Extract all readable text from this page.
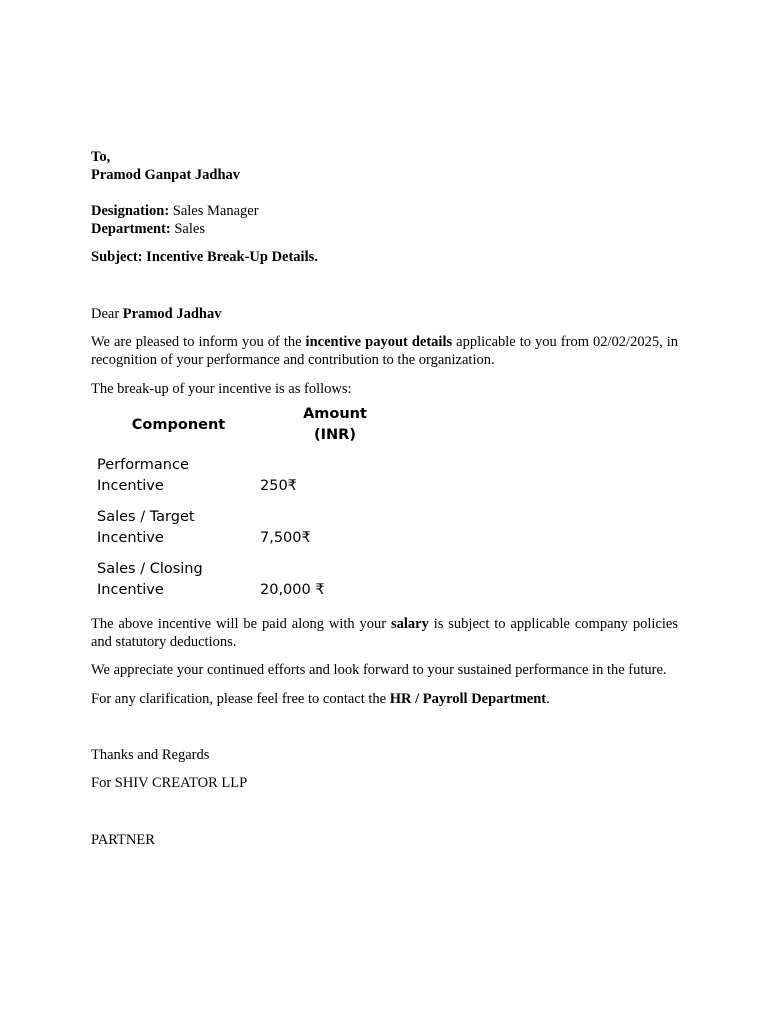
To,

Pramod Ganpat Jadhav

Designation: Sales Manager

Department: Sales

Subject: Incentive Break-Up Details.

Dear Pramod Jadhav

We are pleased to inform you of the incentive payout details applicable to you from 02/02/2025, in recognition of your performance and contribution to the organization.

The break-up of your incentive is as follows:

Component	Amount
(INR)
Performance
Incentive	250₹
Sales / Target
Incentive	7,500₹
Sales / Closing
Incentive	20,000 ₹

The above incentive will be paid along with your salary is subject to applicable company policies and statutory deductions.

We appreciate your continued efforts and look forward to your sustained performance in the future.

For any clarification, please feel free to contact the HR / Payroll Department.

Thanks and Regards

For SHIV CREATOR LLP

PARTNER
